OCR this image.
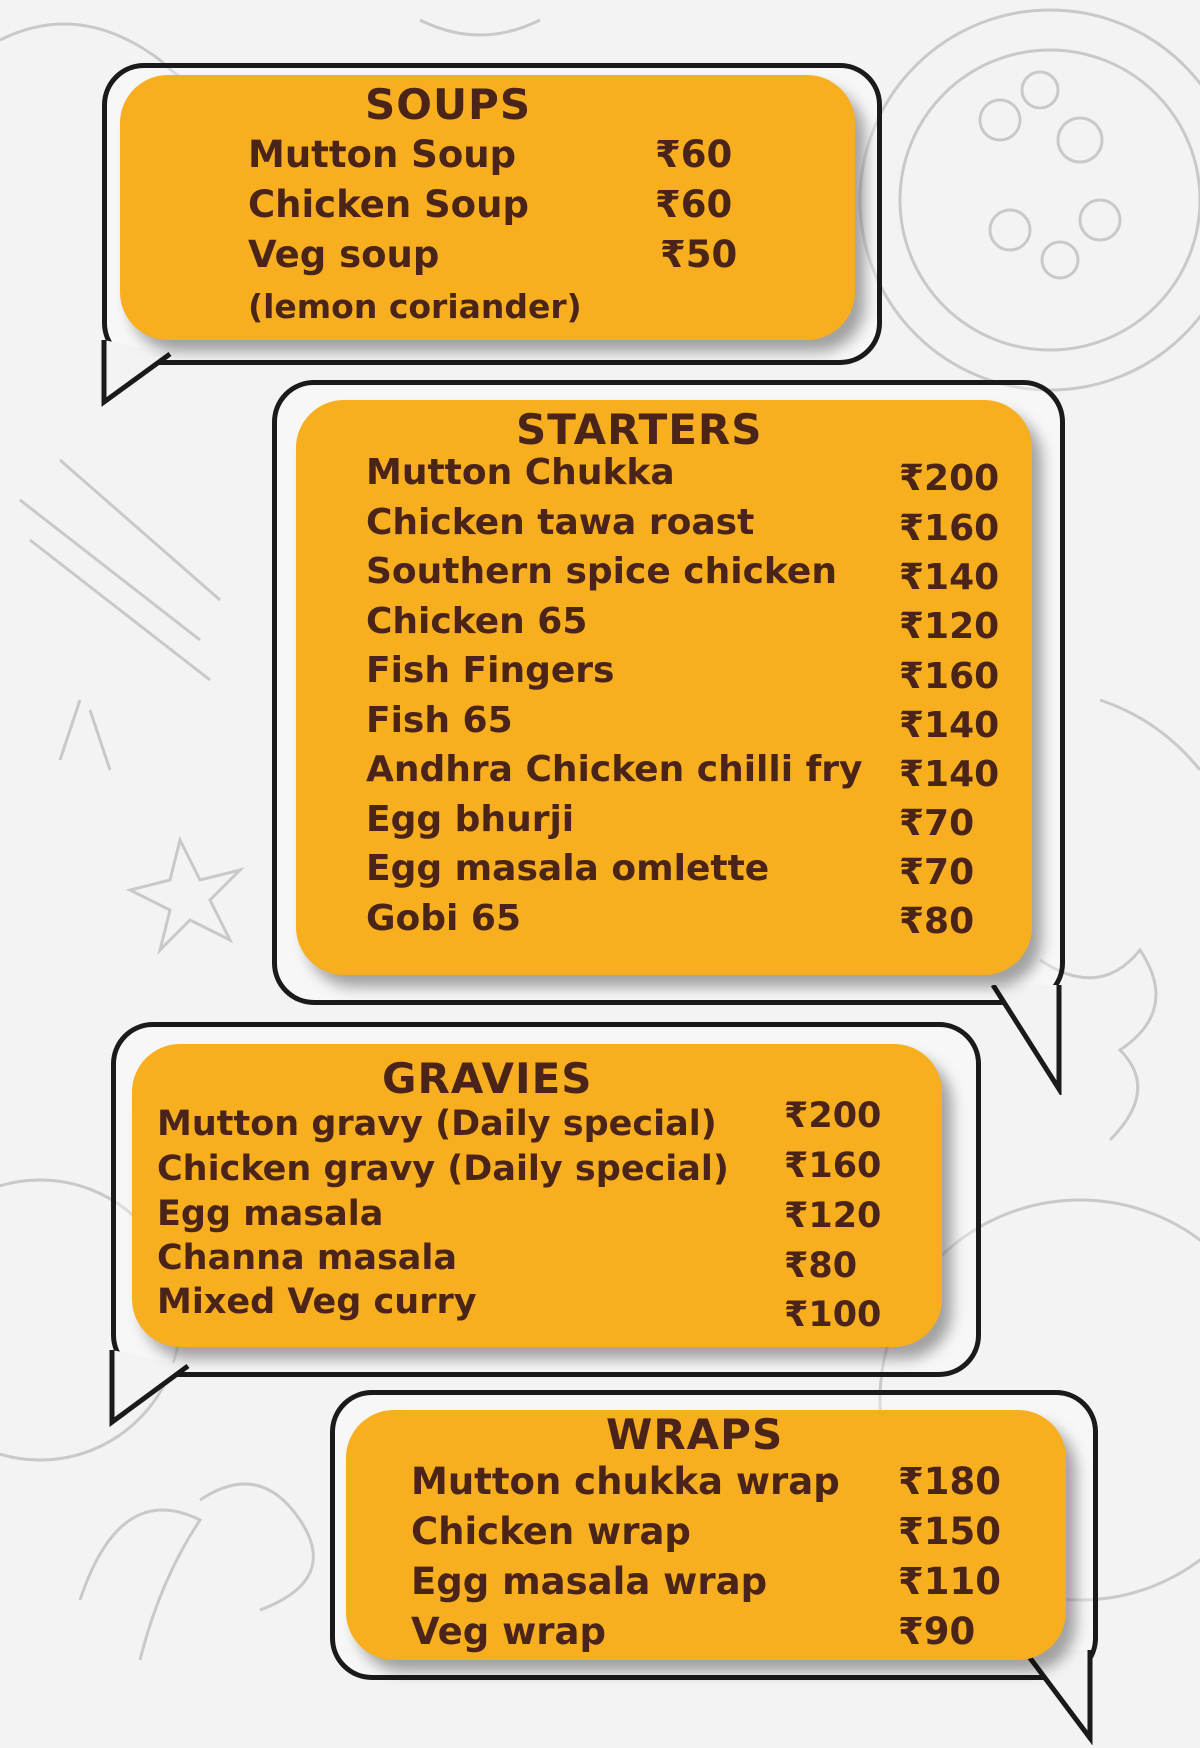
SOUPS
Mutton Soup	₹60
Chicken Soup	₹60
Veg soup	₹50
(lemon coriander)
STARTERS
Mutton Chukka	₹200
Chicken tawa roast	₹160
Southern spice chicken ₹140
Chicken 65	₹120
Fish Fingers	₹160
Fish 65	₹140
Andhra Chicken chilli fry ₹140
Egg bhurji	₹70
Egg masala omlette	₹70
Gobi 65	₹80
GRAVIES
Mutton gravy (Daily special) ₹200
Chicken gravy (Daily special) ₹160
Egg masala	₹120
Channa masala	₹80
Mixed Veg curry	₹100
WRAPS
Mutton chukka wrap ₹180
Chicken wrap	₹150
Egg masala wrap	₹110
Veg wrap	₹90
